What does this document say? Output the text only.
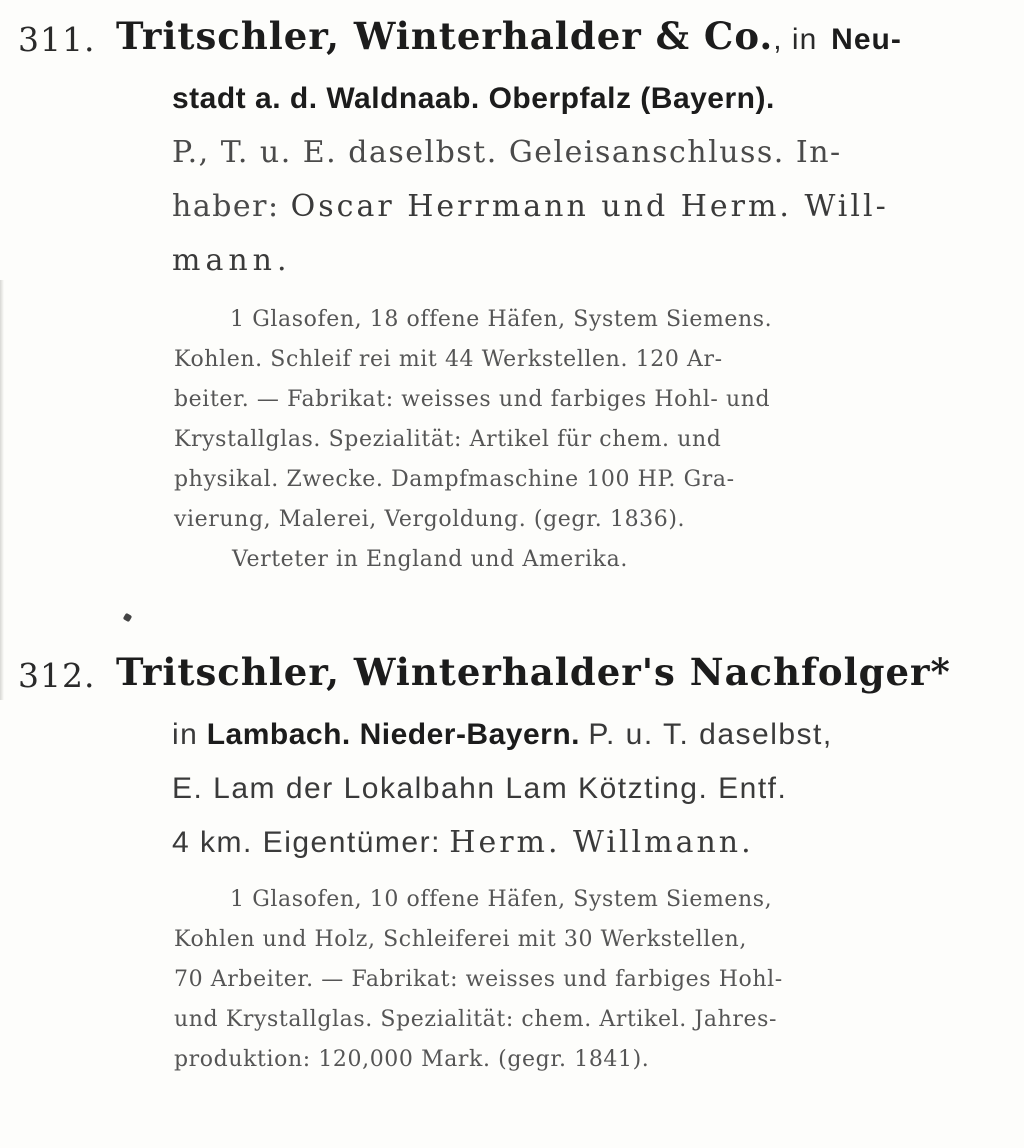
311. Tritschler, Winterhalder & Co., in Neu-
stadt a. d. Waldnaab. Oberpfalz (Bayern).
P., T. u. E. daselbst. Geleisanschluss. In-
haber: Oscar Herrmann und Herm. Will-
mann.
1 Glasofen, 18 offene Häfen, System Siemens.
Kohlen. Schleif rei mit 44 Werkstellen. 120 Ar-
beiter. — Fabrikat: weisses und farbiges Hohl- und
Krystallglas. Spezialität: Artikel für chem. und
physikal. Zwecke. Dampfmaschine 100 HP. Gra-
vierung, Malerei, Vergoldung. (gegr. 1836).
Verteter in England und Amerika.
312. Tritschler, Winterhalder's Nachfolger*
in Lambach. Nieder-Bayern. P. u. T. daselbst,
E. Lam der Lokalbahn Lam Kötzting. Entf.
4 km. Eigentümer: Herm. Willmann.
1 Glasofen, 10 offene Häfen, System Siemens,
Kohlen und Holz, Schleiferei mit 30 Werkstellen,
70 Arbeiter. — Fabrikat: weisses und farbiges Hohl-
und Krystallglas. Spezialität: chem. Artikel. Jahres-
produktion: 120,000 Mark. (gegr. 1841).
